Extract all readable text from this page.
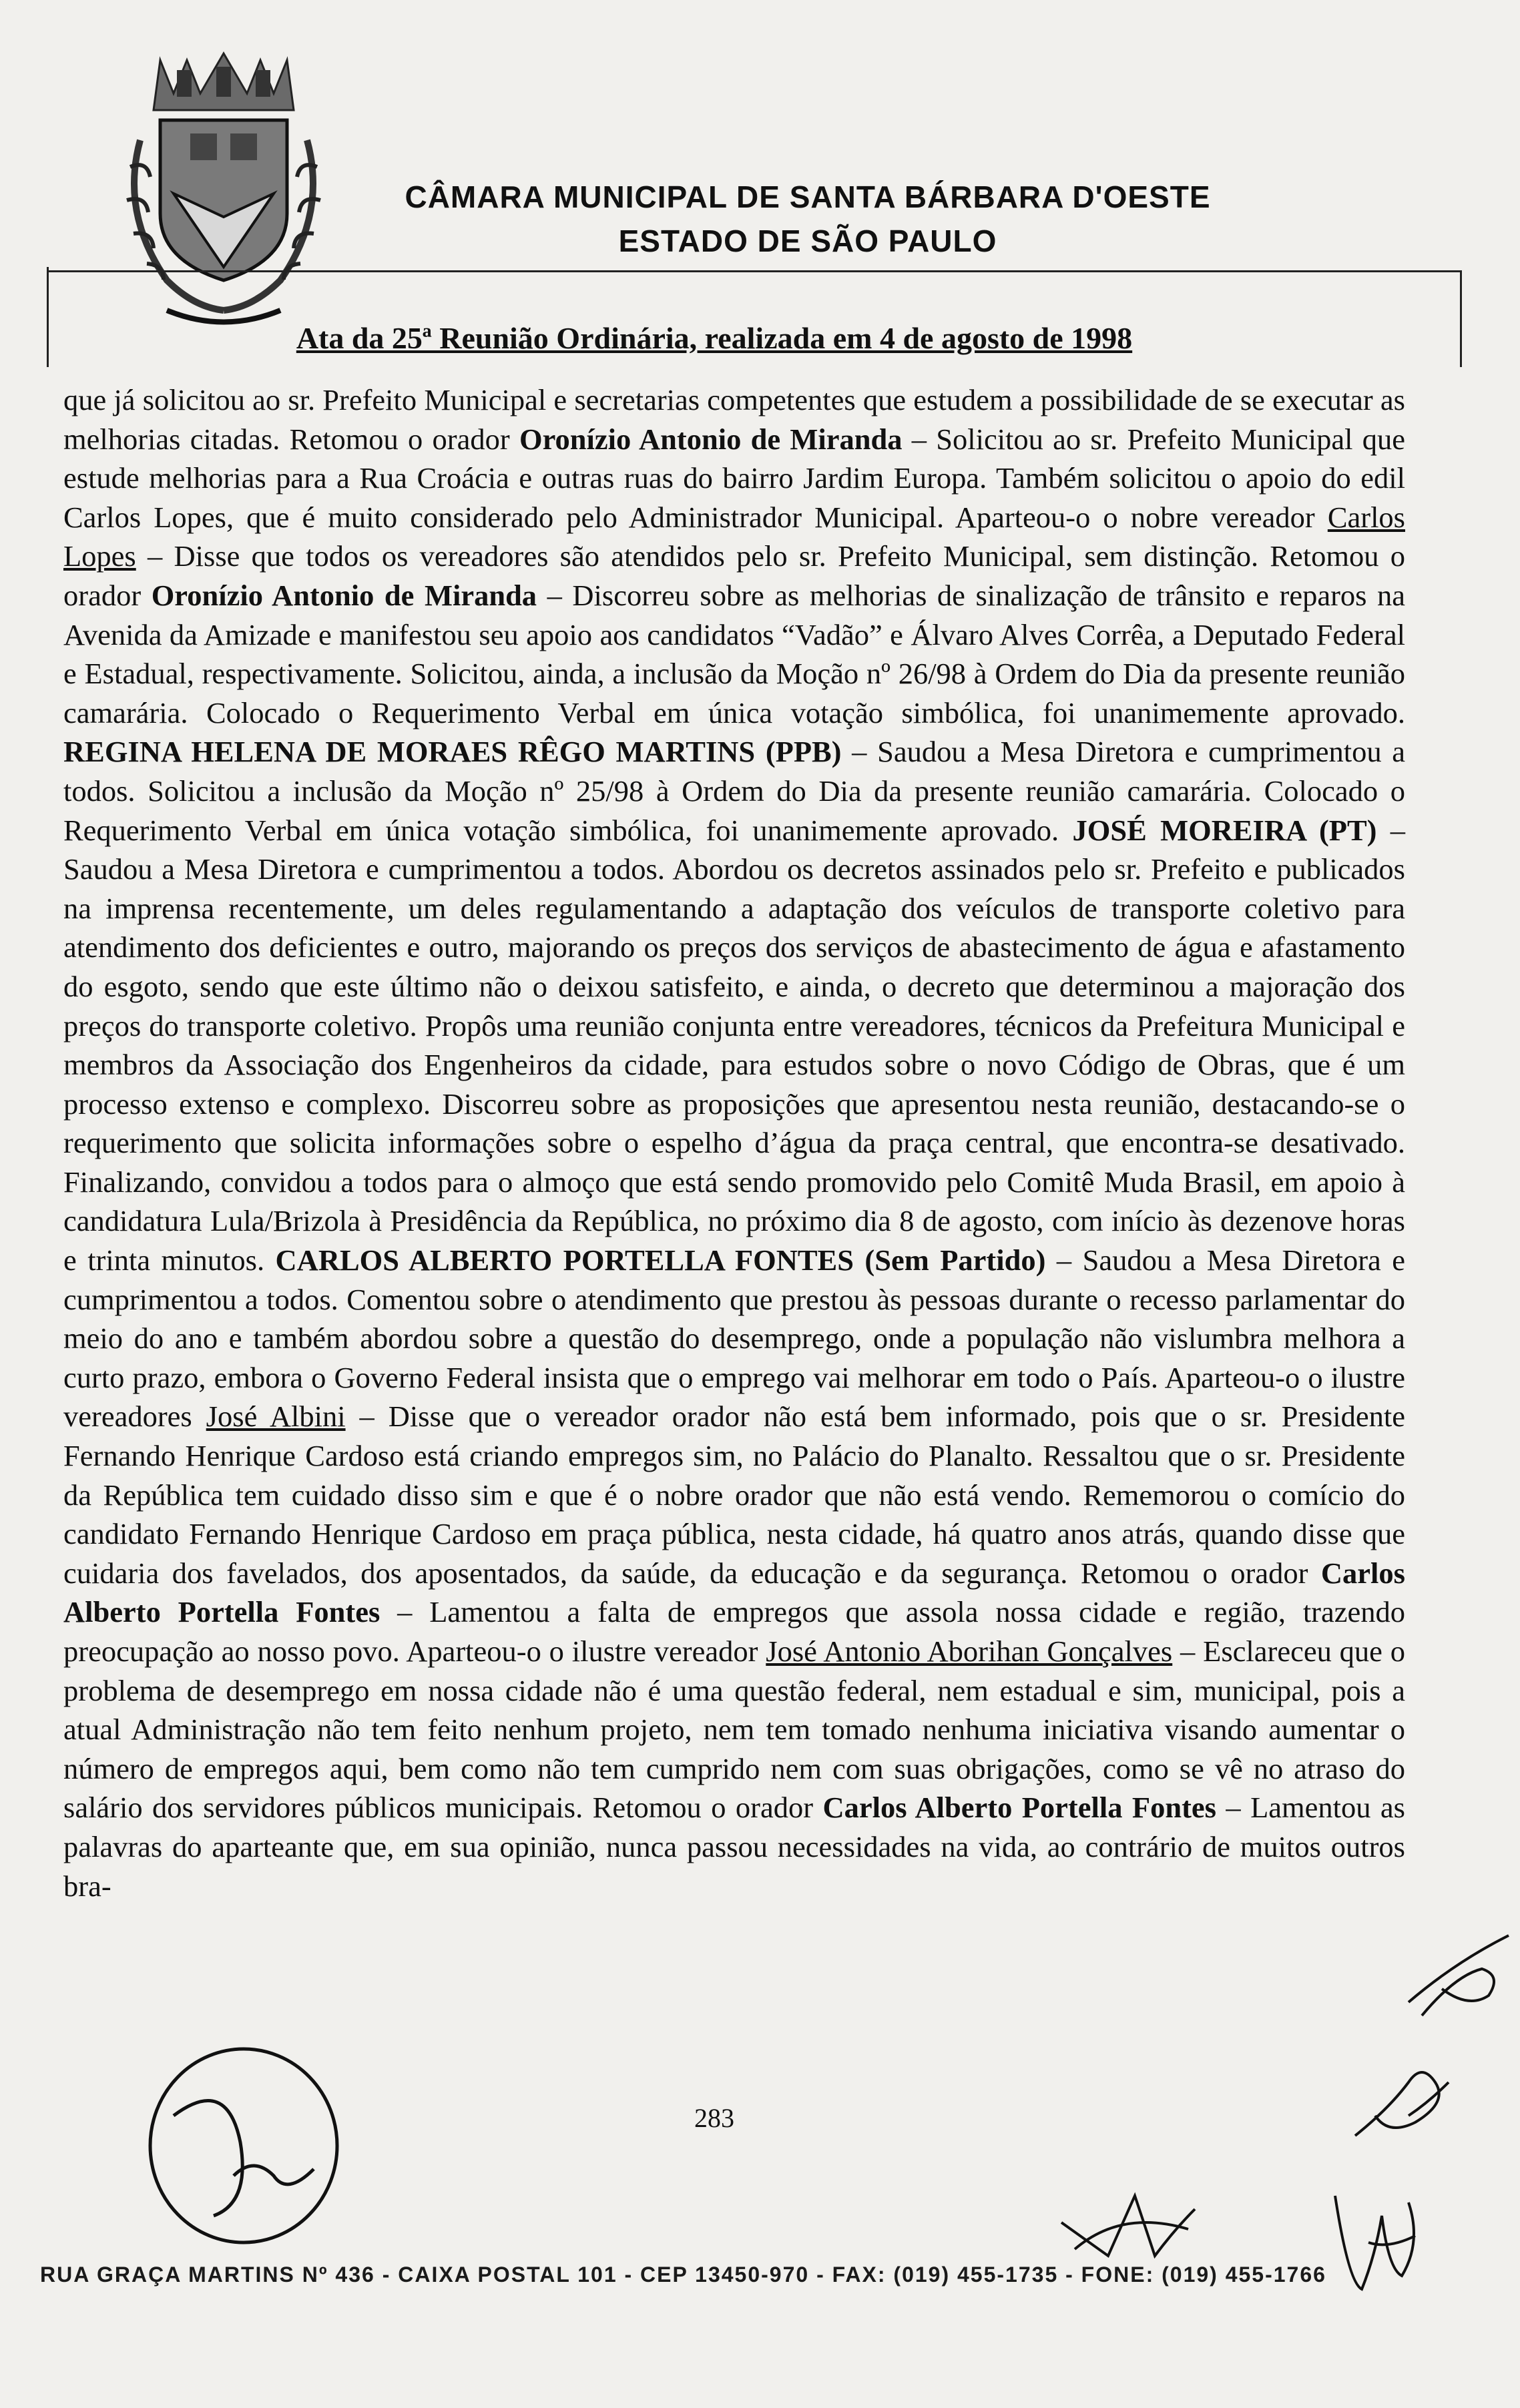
CÂMARA MUNICIPAL DE SANTA BÁRBARA D'OESTE
ESTADO DE SÃO PAULO
Ata da 25ª Reunião Ordinária, realizada em 4 de agosto de 1998

que já solicitou ao sr. Prefeito Municipal e secretarias competentes que estudem a possibilidade de se executar as melhorias citadas. Retomou o orador Oronízio Antonio de Miranda – Solicitou ao sr. Prefeito Municipal que estude melhorias para a Rua Croácia e outras ruas do bairro Jardim Europa. Também solicitou o apoio do edil Carlos Lopes, que é muito considerado pelo Administrador Municipal. Aparteou-o o nobre vereador Carlos Lopes – Disse que todos os vereadores são atendidos pelo sr. Prefeito Municipal, sem distinção. Retomou o orador Oronízio Antonio de Miranda – Discorreu sobre as melhorias de sinalização de trânsito e reparos na Avenida da Amizade e manifestou seu apoio aos candidatos “Vadão” e Álvaro Alves Corrêa, a Deputado Federal e Estadual, respectivamente. Solicitou, ainda, a inclusão da Moção nº 26/98 à Ordem do Dia da presente reunião camarária. Colocado o Requerimento Verbal em única votação simbólica, foi unanimemente aprovado. REGINA HELENA DE MORAES RÊGO MARTINS (PPB) – Saudou a Mesa Diretora e cumprimentou a todos. Solicitou a inclusão da Moção nº 25/98 à Ordem do Dia da presente reunião camarária. Colocado o Requerimento Verbal em única votação simbólica, foi unanimemente aprovado. JOSÉ MOREIRA (PT) – Saudou a Mesa Diretora e cumprimentou a todos. Abordou os decretos assinados pelo sr. Prefeito e publicados na imprensa recentemente, um deles regulamentando a adaptação dos veículos de transporte coletivo para atendimento dos deficientes e outro, majorando os preços dos serviços de abastecimento de água e afastamento do esgoto, sendo que este último não o deixou satisfeito, e ainda, o decreto que determinou a majoração dos preços do transporte coletivo. Propôs uma reunião conjunta entre vereadores, técnicos da Prefeitura Municipal e membros da Associação dos Engenheiros da cidade, para estudos sobre o novo Código de Obras, que é um processo extenso e complexo. Discorreu sobre as proposições que apresentou nesta reunião, destacando-se o requerimento que solicita informações sobre o espelho d’água da praça central, que encontra-se desativado. Finalizando, convidou a todos para o almoço que está sendo promovido pelo Comitê Muda Brasil, em apoio à candidatura Lula/Brizola à Presidência da República, no próximo dia 8 de agosto, com início às dezenove horas e trinta minutos. CARLOS ALBERTO PORTELLA FONTES (Sem Partido) – Saudou a Mesa Diretora e cumprimentou a todos. Comentou sobre o atendimento que prestou às pessoas durante o recesso parlamentar do meio do ano e também abordou sobre a questão do desemprego, onde a população não vislumbra melhora a curto prazo, embora o Governo Federal insista que o emprego vai melhorar em todo o País. Aparteou-o o ilustre vereadores José Albini – Disse que o vereador orador não está bem informado, pois que o sr. Presidente Fernando Henrique Cardoso está criando empregos sim, no Palácio do Planalto. Ressaltou que o sr. Presidente da República tem cuidado disso sim e que é o nobre orador que não está vendo. Rememorou o comício do candidato Fernando Henrique Cardoso em praça pública, nesta cidade, há quatro anos atrás, quando disse que cuidaria dos favelados, dos aposentados, da saúde, da educação e da segurança. Retomou o orador Carlos Alberto Portella Fontes – Lamentou a falta de empregos que assola nossa cidade e região, trazendo preocupação ao nosso povo. Aparteou-o o ilustre vereador José Antonio Aborihan Gonçalves – Esclareceu que o problema de desemprego em nossa cidade não é uma questão federal, nem estadual e sim, municipal, pois a atual Administração não tem feito nenhum projeto, nem tem tomado nenhuma iniciativa visando aumentar o número de empregos aqui, bem como não tem cumprido nem com suas obrigações, como se vê no atraso do salário dos servidores públicos municipais. Retomou o orador Carlos Alberto Portella Fontes – Lamentou as palavras do aparteante que, em sua opinião, nunca passou necessidades na vida, ao contrário de muitos outros bra-

283
RUA GRAÇA MARTINS Nº 436 - CAIXA POSTAL 101 - CEP 13450-970 - FAX: (019) 455-1735 - FONE: (019) 455-1766
